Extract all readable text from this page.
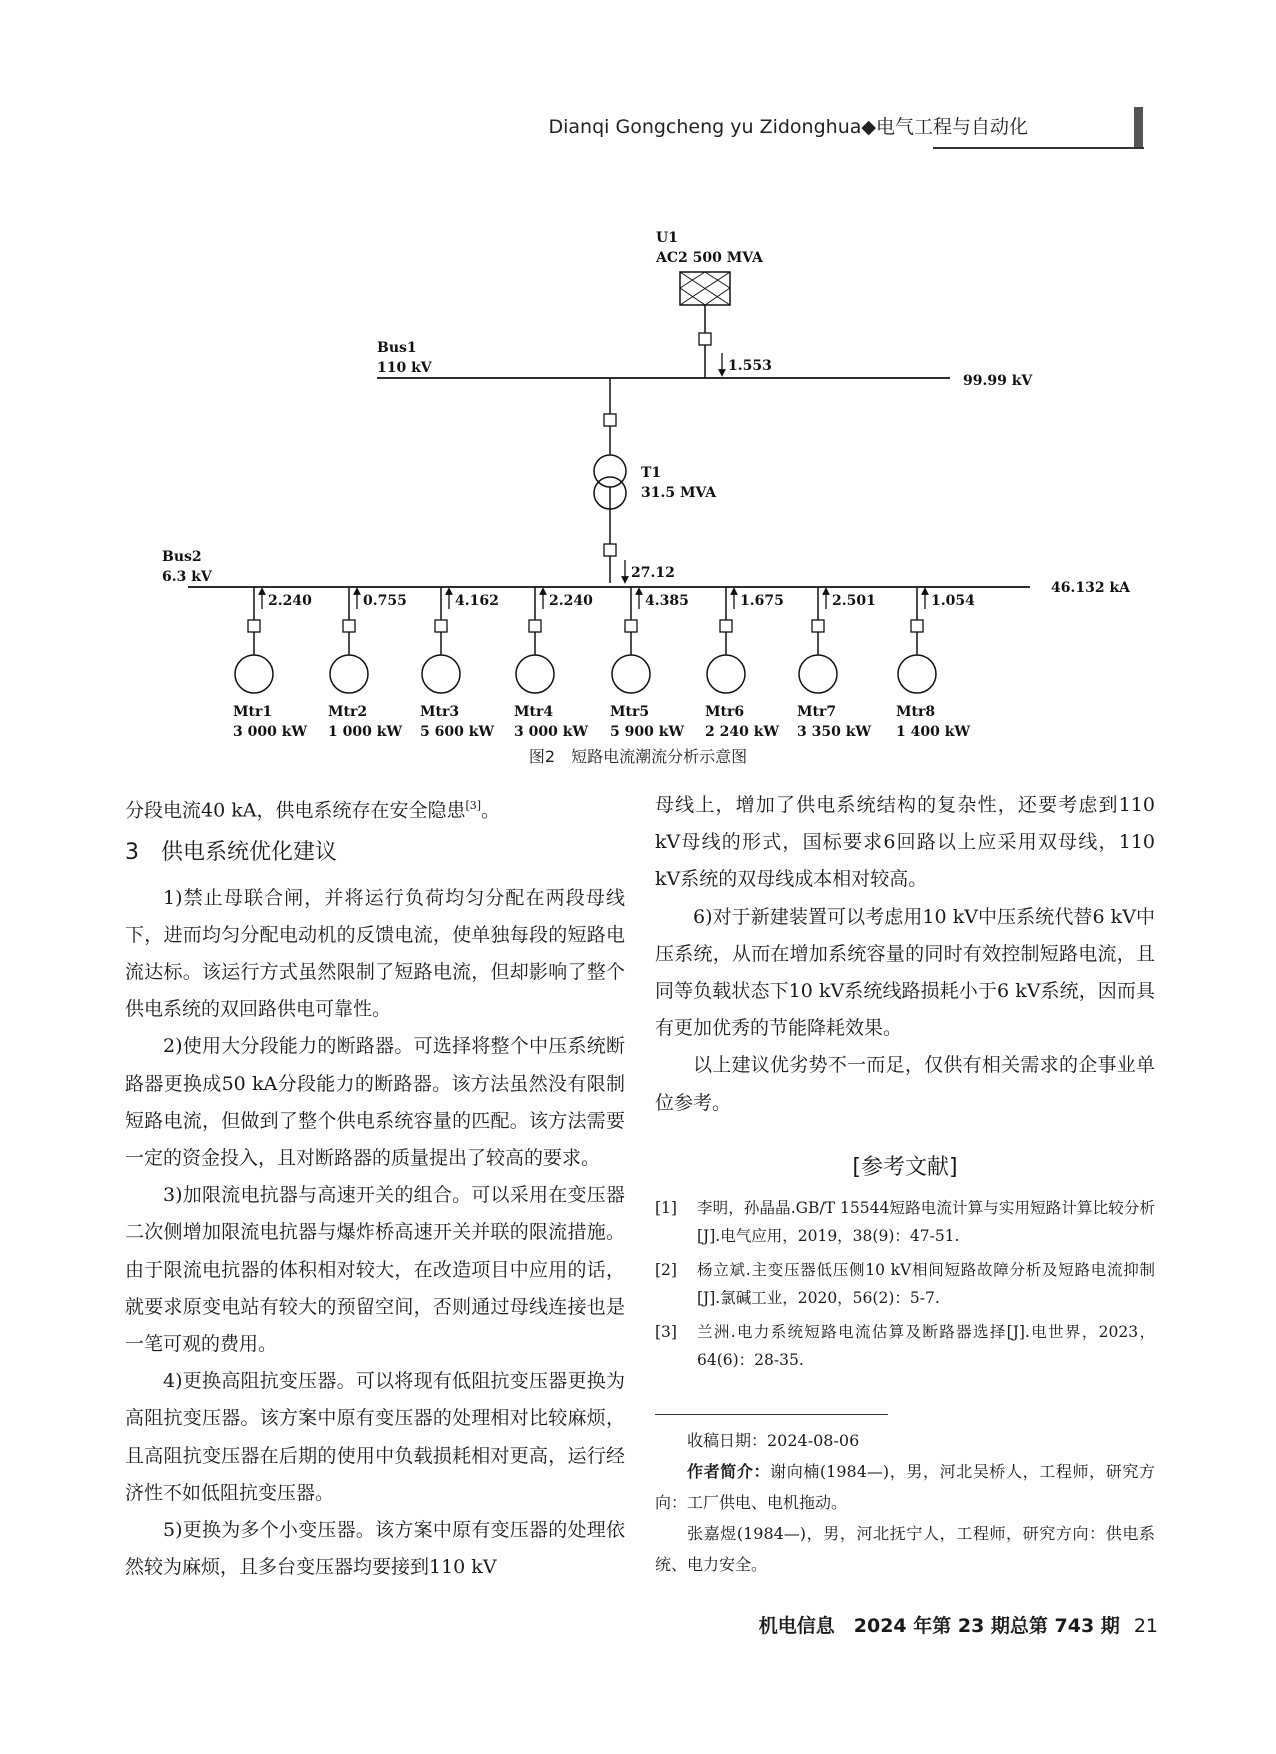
Dianqi Gongcheng yu Zidonghua◆电气工程与自动化
U1
AC2 500 MVA
1.553
Bus1
110 kV
99.99 kV
T1
31.5 MVA
27.12
Bus2
6.3 kV
46.132 kA
2.240
Mtr1
3 000 kW
0.755
Mtr2
1 000 kW
4.162
Mtr3
5 600 kW
2.240
Mtr4
3 000 kW
4.385
Mtr5
5 900 kW
1.675
Mtr6
2 240 kW
2.501
Mtr7
3 350 kW
1.054
Mtr8
1 400 kW
图2　短路电流潮流分析示意图

分段电流40 kA，供电系统存在安全隐患[3]。

3　供电系统优化建议

1)禁止母联合闸，并将运行负荷均匀分配在两段母线下，进而均匀分配电动机的反馈电流，使单独每段的短路电流达标。该运行方式虽然限制了短路电流，但却影响了整个供电系统的双回路供电可靠性。

2)使用大分段能力的断路器。可选择将整个中压系统断路器更换成50 kA分段能力的断路器。该方法虽然没有限制短路电流，但做到了整个供电系统容量的匹配。该方法需要一定的资金投入，且对断路器的质量提出了较高的要求。

3)加限流电抗器与高速开关的组合。可以采用在变压器二次侧增加限流电抗器与爆炸桥高速开关并联的限流措施。由于限流电抗器的体积相对较大，在改造项目中应用的话，就要求原变电站有较大的预留空间，否则通过母线连接也是一笔可观的费用。

4)更换高阻抗变压器。可以将现有低阻抗变压器更换为高阻抗变压器。该方案中原有变压器的处理相对比较麻烦，且高阻抗变压器在后期的使用中负载损耗相对更高，运行经济性不如低阻抗变压器。

5)更换为多个小变压器。该方案中原有变压器的处理依然较为麻烦，且多台变压器均要接到110 kV

母线上，增加了供电系统结构的复杂性，还要考虑到110 kV母线的形式，国标要求6回路以上应采用双母线，110 kV系统的双母线成本相对较高。

6)对于新建装置可以考虑用10 kV中压系统代替6 kV中压系统，从而在增加系统容量的同时有效控制短路电流，且同等负载状态下10 kV系统线路损耗小于6 kV系统，因而具有更加优秀的节能降耗效果。

以上建议优劣势不一而足，仅供有相关需求的企事业单位参考。

[参考文献]
[1]	李明，孙晶晶.GB/T 15544短路电流计算与实用短路计算比较分析[J].电气应用，2019，38(9)：47-51.
[2]	杨立斌.主变压器低压侧10 kV相间短路故障分析及短路电流抑制[J].氯碱工业，2020，56(2)：5-7.
[3]	兰洲.电力系统短路电流估算及断路器选择[J].电世界，2023，64(6)：28-35.

收稿日期：2024-08-06

作者简介：谢向楠(1984—)，男，河北吴桥人，工程师，研究方向：工厂供电、电机拖动。

张嘉煜(1984—)，男，河北抚宁人，工程师，研究方向：供电系统、电力安全。

机电信息　2024 年第 23 期总第 743 期 21
